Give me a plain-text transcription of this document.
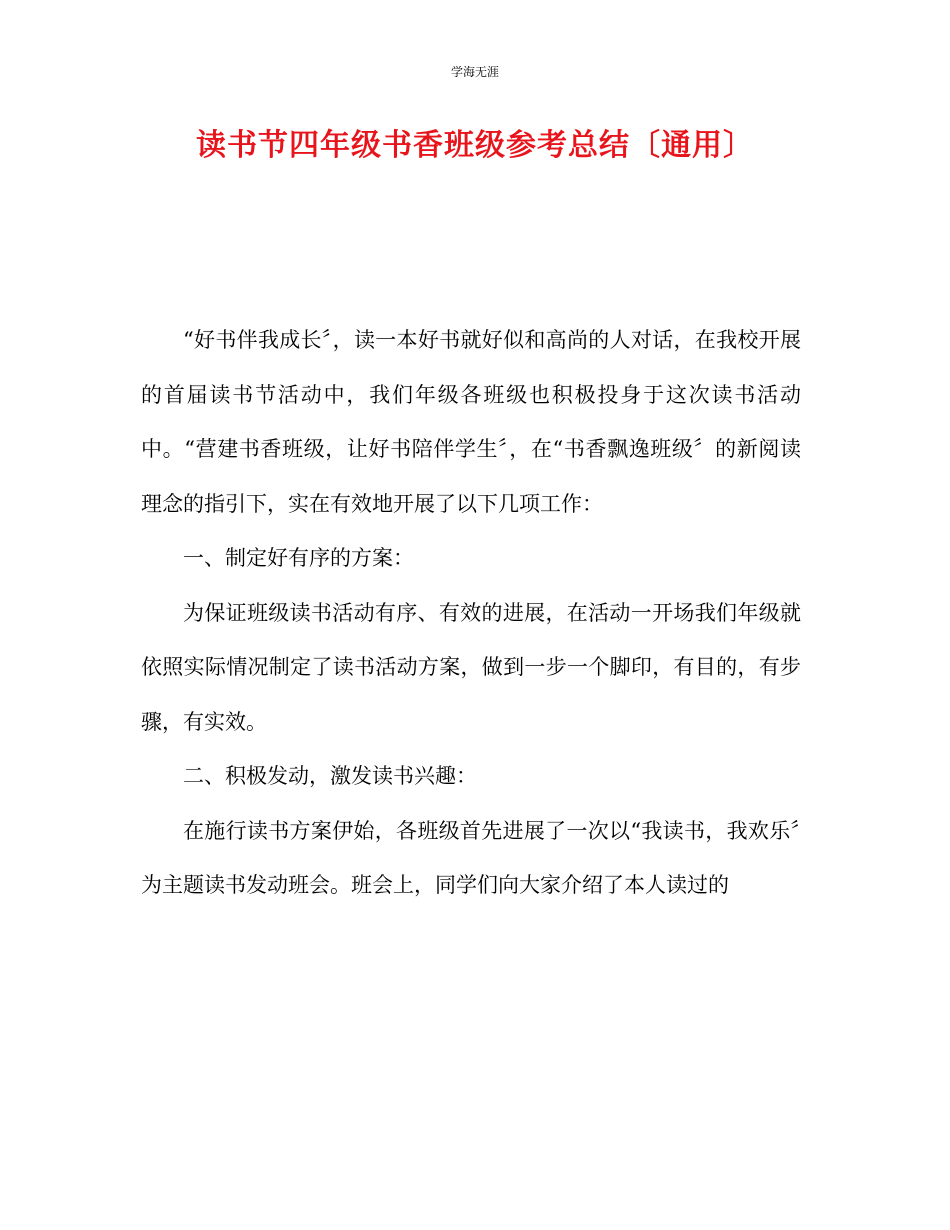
学海无涯
读书节四年级书香班级参考总结〔通用〕

“好书伴我成长〞，读一本好书就好似和高尚的人对话，在我校开展的首届读书节活动中，我们年级各班级也积极投身于这次读书活动中。“营建书香班级，让好书陪伴学生〞，在“书香飘逸班级〞的新阅读理念的指引下，实在有效地开展了以下几项工作：

一、制定好有序的方案：

为保证班级读书活动有序、有效的进展，在活动一开场我们年级就依照实际情况制定了读书活动方案，做到一步一个脚印，有目的，有步骤，有实效。

二、积极发动，激发读书兴趣：

在施行读书方案伊始，各班级首先进展了一次以“我读书，我欢乐〞为主题读书发动班会。班会上，同学们向大家介绍了本人读过的
